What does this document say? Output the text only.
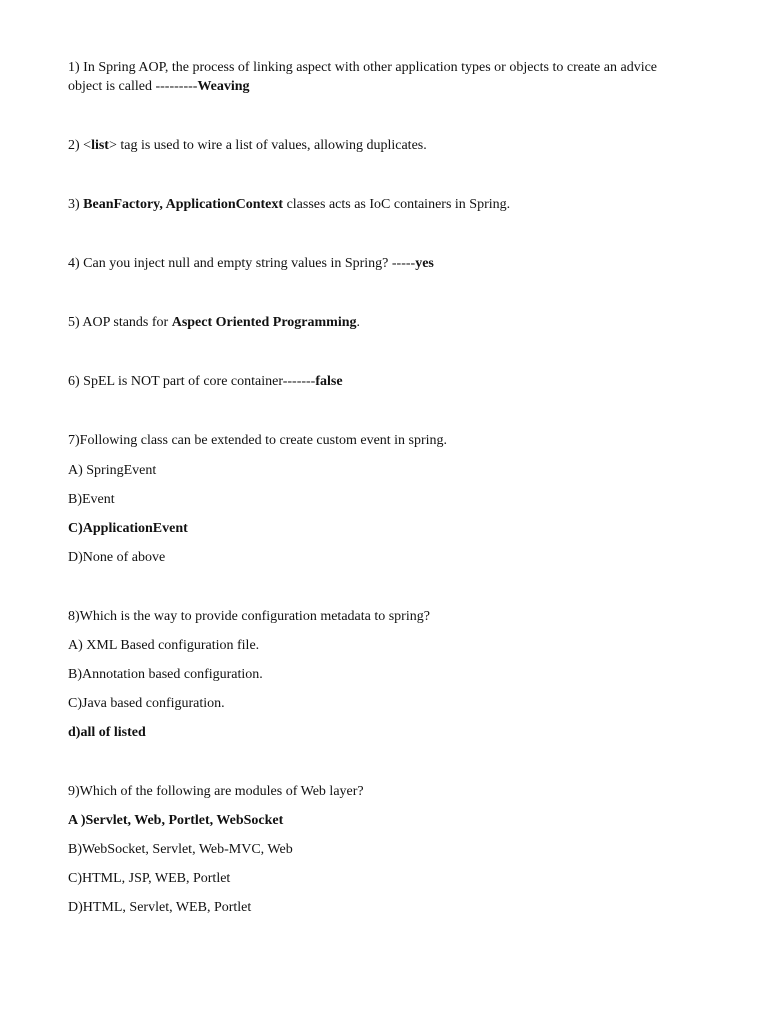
1) In Spring AOP, the process of linking aspect with other application types or objects to create an advice
object is called ---------Weaving
2) <list> tag is used to wire a list of values, allowing duplicates.
3) BeanFactory, ApplicationContext classes acts as IoC containers in Spring.
4) Can you inject null and empty string values in Spring? -----yes
5) AOP stands for Aspect Oriented Programming.
6) SpEL is NOT part of core container-------false
7)Following class can be extended to create custom event in spring.
A) SpringEvent
B)Event
C)ApplicationEvent
D)None of above
8)Which is the way to provide configuration metadata to spring?
A) XML Based configuration file.
B)Annotation based configuration.
C)Java based configuration.
d)all of listed
9)Which of the following are modules of Web layer?
A )Servlet, Web, Portlet, WebSocket
B)WebSocket, Servlet, Web-MVC, Web
C)HTML, JSP, WEB, Portlet
D)HTML, Servlet, WEB, Portlet
